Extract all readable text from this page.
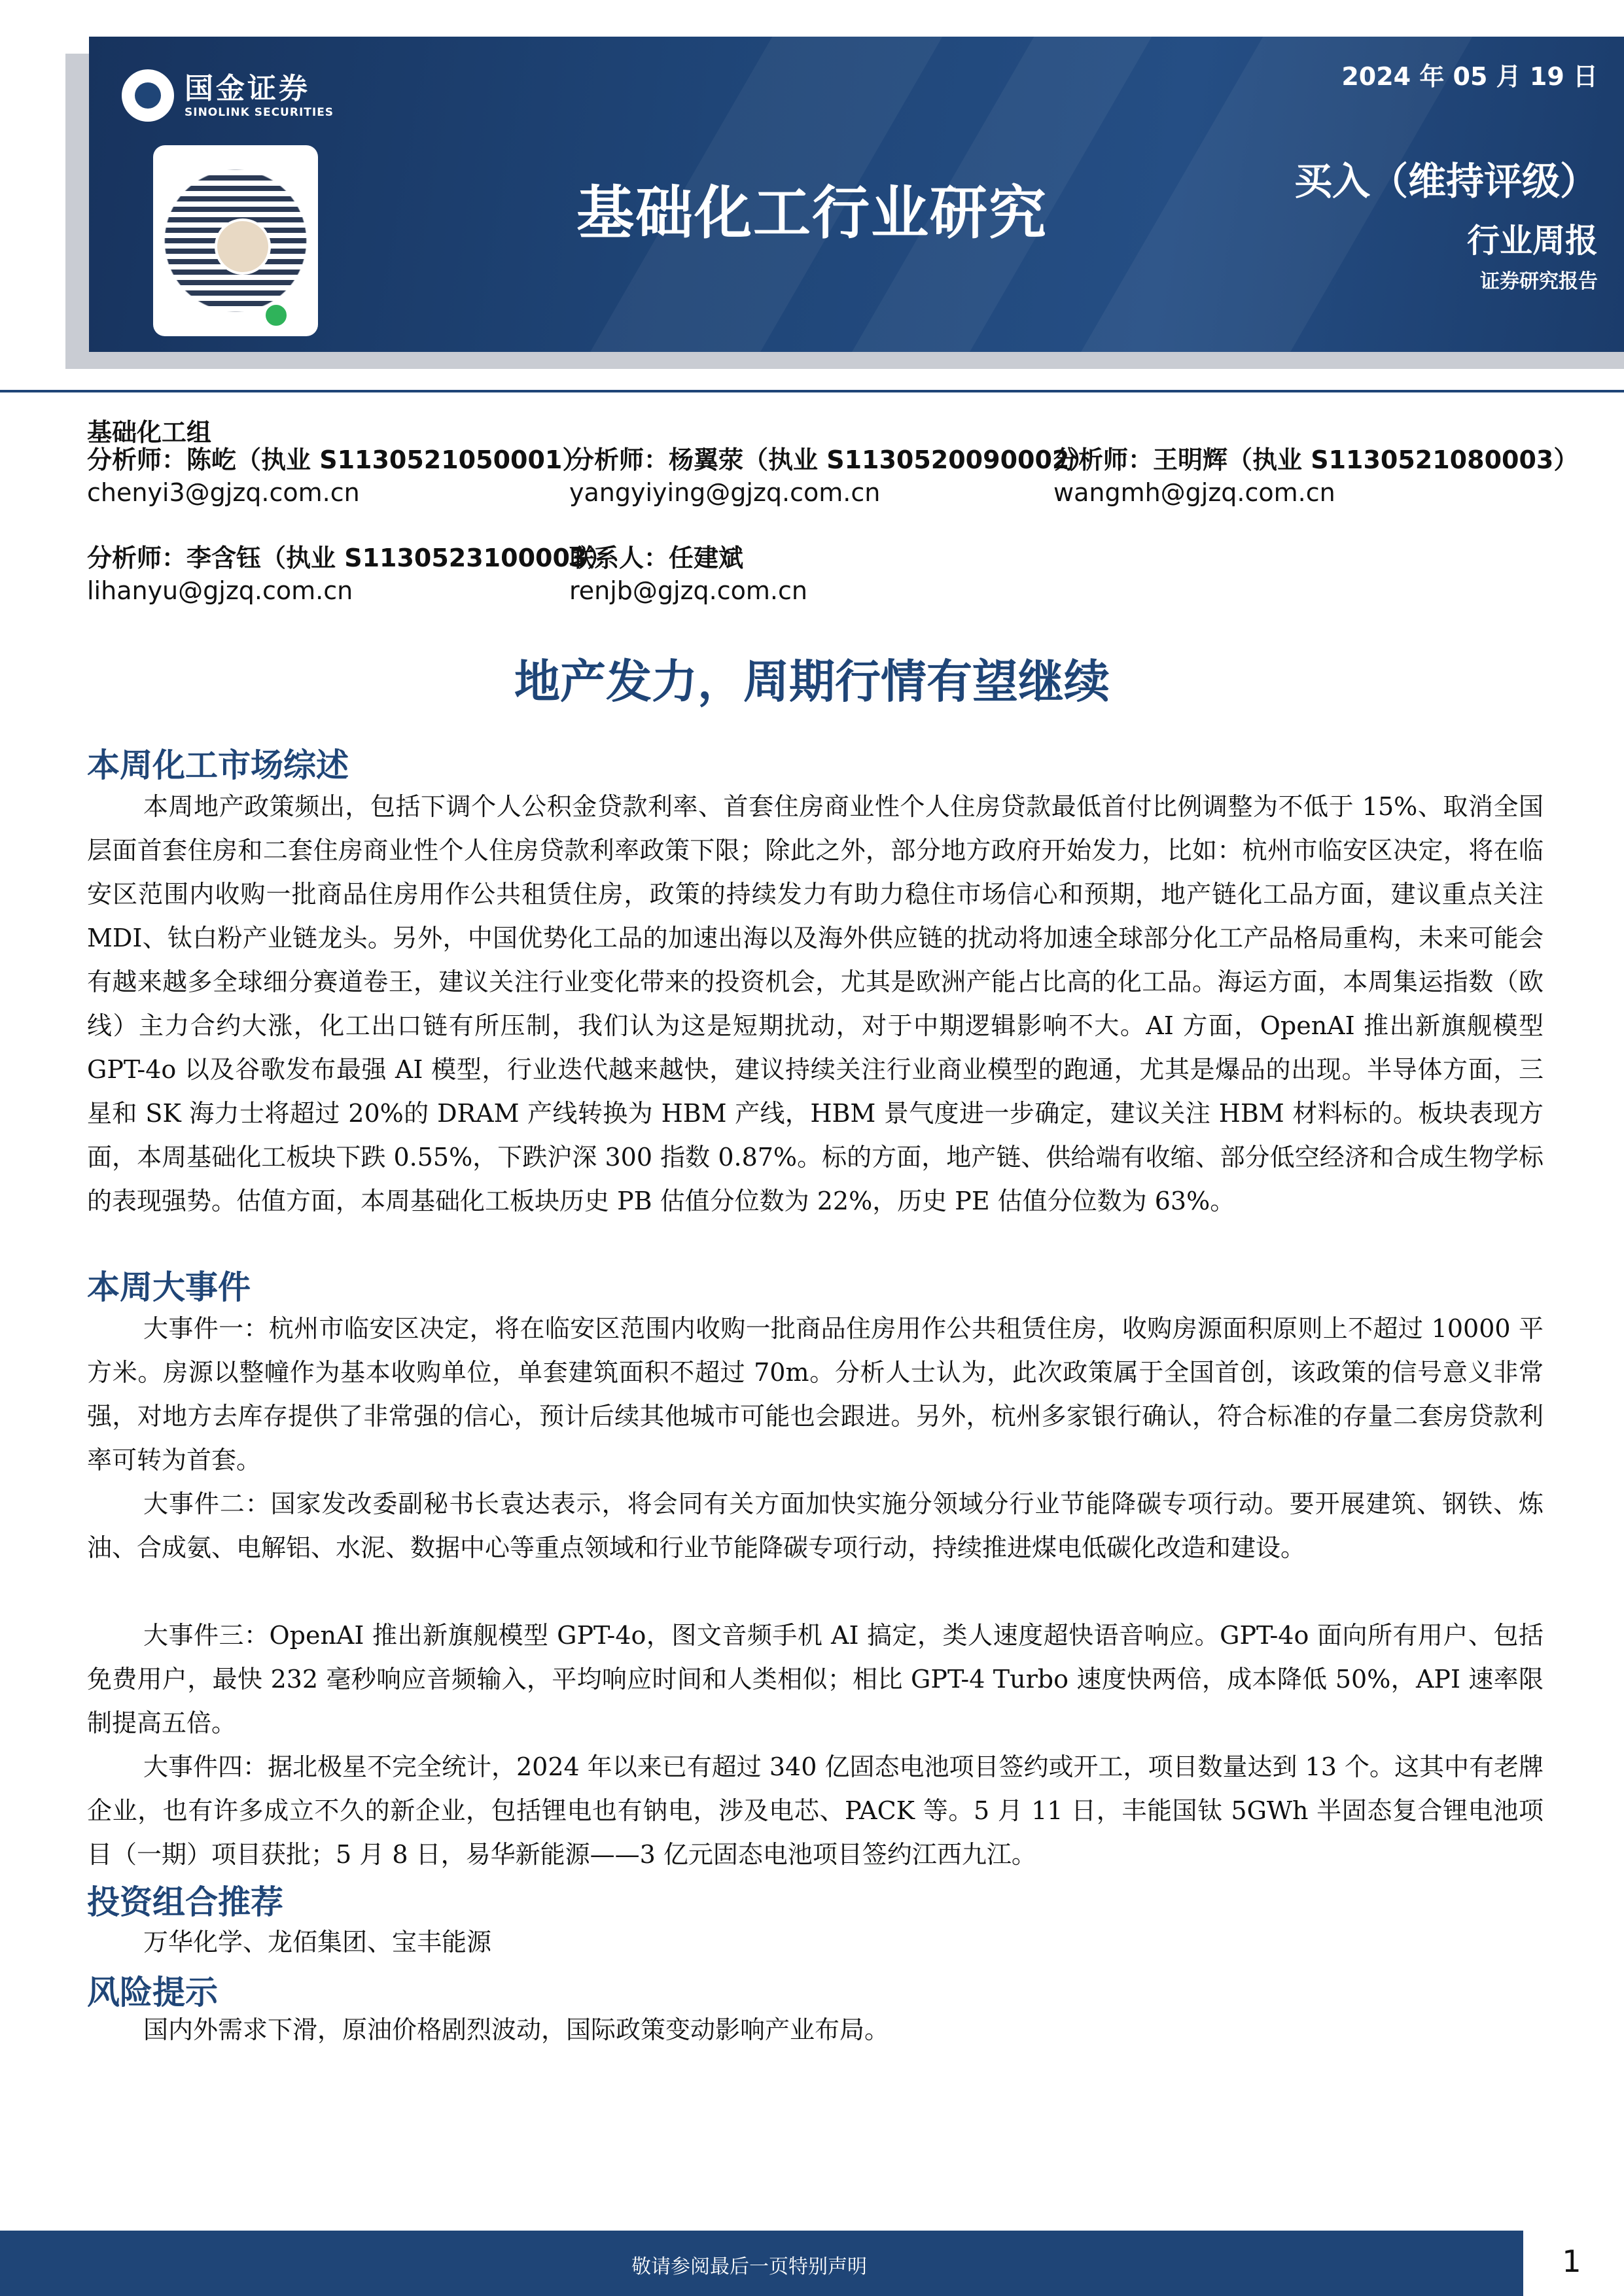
国金证券
SINOLINK SECURITIES
基础化工行业研究
2024 年 05 月 19 日
买入（维持评级）
行业周报
证券研究报告
基础化工组
分析师：陈屹（执业 S1130521050001）
chenyi3@gjzq.com.cn
分析师：杨翼荥（执业 S1130520090002）
yangyiying@gjzq.com.cn
分析师：王明辉（执业 S1130521080003）
wangmh@gjzq.com.cn
分析师：李含钰（执业 S1130523100003）
lihanyu@gjzq.com.cn
联系人：任建斌
renjb@gjzq.com.cn
地产发力，周期行情有望继续
本周化工市场综述

本周地产政策频出，包括下调个人公积金贷款利率、首套住房商业性个人住房贷款最低首付比例调整为不低于 15%、取消全国层面首套住房和二套住房商业性个人住房贷款利率政策下限；除此之外，部分地方政府开始发力，比如：杭州市临安区决定，将在临安区范围内收购一批商品住房用作公共租赁住房，政策的持续发力有助力稳住市场信心和预期，地产链化工品方面，建议重点关注 MDI、钛白粉产业链龙头。另外，中国优势化工品的加速出海以及海外供应链的扰动将加速全球部分化工产品格局重构，未来可能会有越来越多全球细分赛道卷王，建议关注行业变化带来的投资机会，尤其是欧洲产能占比高的化工品。海运方面，本周集运指数（欧线）主力合约大涨，化工出口链有所压制，我们认为这是短期扰动，对于中期逻辑影响不大。AI 方面，OpenAI 推出新旗舰模型 GPT-4o 以及谷歌发布最强 AI 模型，行业迭代越来越快，建议持续关注行业商业模型的跑通，尤其是爆品的出现。半导体方面，三星和 SK 海力士将超过 20%的 DRAM 产线转换为 HBM 产线，HBM 景气度进一步确定，建议关注 HBM 材料标的。板块表现方面，本周基础化工板块下跌 0.55%，下跌沪深 300 指数 0.87%。标的方面，地产链、供给端有收缩、部分低空经济和合成生物学标的表现强势。估值方面，本周基础化工板块历史 PB 估值分位数为 22%，历史 PE 估值分位数为 63%。

本周大事件

大事件一：杭州市临安区决定，将在临安区范围内收购一批商品住房用作公共租赁住房，收购房源面积原则上不超过 10000 平方米。房源以整幢作为基本收购单位，单套建筑面积不超过 70m。分析人士认为，此次政策属于全国首创，该政策的信号意义非常强，对地方去库存提供了非常强的信心，预计后续其他城市可能也会跟进。另外，杭州多家银行确认，符合标准的存量二套房贷款利率可转为首套。

大事件二：国家发改委副秘书长袁达表示，将会同有关方面加快实施分领域分行业节能降碳专项行动。要开展建筑、钢铁、炼油、合成氨、电解铝、水泥、数据中心等重点领域和行业节能降碳专项行动，持续推进煤电低碳化改造和建设。

大事件三：OpenAI 推出新旗舰模型 GPT-4o，图文音频手机 AI 搞定，类人速度超快语音响应。GPT-4o 面向所有用户、包括免费用户，最快 232 毫秒响应音频输入，平均响应时间和人类相似；相比 GPT-4 Turbo 速度快两倍，成本降低 50%，API 速率限制提高五倍。

大事件四：据北极星不完全统计，2024 年以来已有超过 340 亿固态电池项目签约或开工，项目数量达到 13 个。这其中有老牌企业，也有许多成立不久的新企业，包括锂电也有钠电，涉及电芯、PACK 等。5 月 11 日，丰能国钛 5GWh 半固态复合锂电池项目（一期）项目获批；5 月 8 日，易华新能源——3 亿元固态电池项目签约江西九江。

投资组合推荐

万华化学、龙佰集团、宝丰能源

风险提示

国内外需求下滑，原油价格剧烈波动，国际政策变动影响产业布局。

敬请参阅最后一页特别声明	1
